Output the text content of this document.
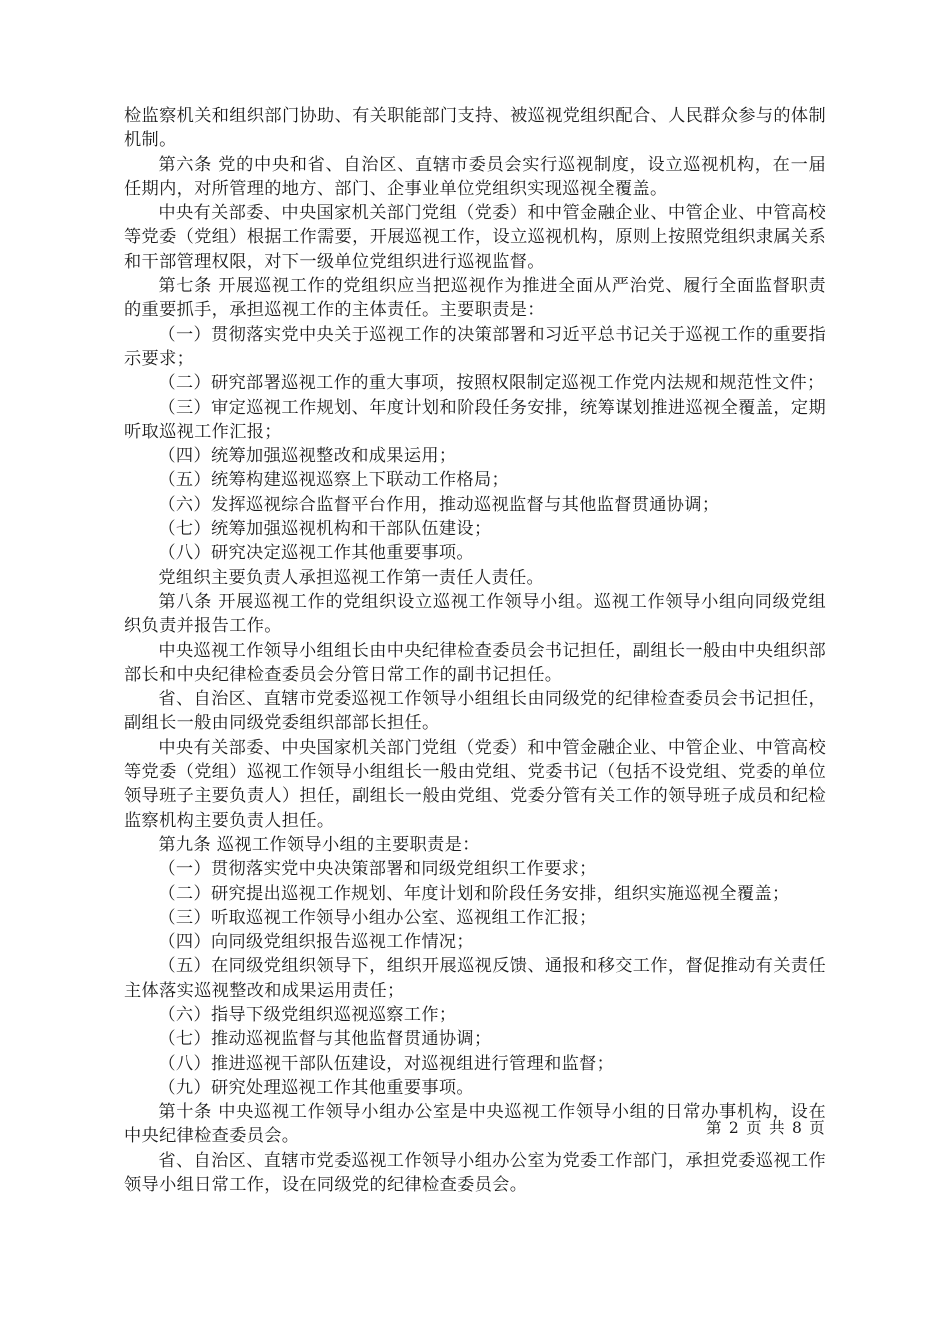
检监察机关和组织部门协助、有关职能部门支持、被巡视党组织配合、人民群众参与的体制机制。

第六条 党的中央和省、自治区、直辖市委员会实行巡视制度，设立巡视机构，在一届任期内，对所管理的地方、部门、企事业单位党组织实现巡视全覆盖。

中央有关部委、中央国家机关部门党组（党委）和中管金融企业、中管企业、中管高校等党委（党组）根据工作需要，开展巡视工作，设立巡视机构，原则上按照党组织隶属关系和干部管理权限，对下一级单位党组织进行巡视监督。

第七条 开展巡视工作的党组织应当把巡视作为推进全面从严治党、履行全面监督职责的重要抓手，承担巡视工作的主体责任。主要职责是：

（一）贯彻落实党中央关于巡视工作的决策部署和习近平总书记关于巡视工作的重要指示要求；

（二）研究部署巡视工作的重大事项，按照权限制定巡视工作党内法规和规范性文件；

（三）审定巡视工作规划、年度计划和阶段任务安排，统筹谋划推进巡视全覆盖，定期听取巡视工作汇报；

（四）统筹加强巡视整改和成果运用；

（五）统筹构建巡视巡察上下联动工作格局；

（六）发挥巡视综合监督平台作用，推动巡视监督与其他监督贯通协调；

（七）统筹加强巡视机构和干部队伍建设；

（八）研究决定巡视工作其他重要事项。

党组织主要负责人承担巡视工作第一责任人责任。

第八条 开展巡视工作的党组织设立巡视工作领导小组。巡视工作领导小组向同级党组织负责并报告工作。

中央巡视工作领导小组组长由中央纪律检查委员会书记担任，副组长一般由中央组织部部长和中央纪律检查委员会分管日常工作的副书记担任。

省、自治区、直辖市党委巡视工作领导小组组长由同级党的纪律检查委员会书记担任，副组长一般由同级党委组织部部长担任。

中央有关部委、中央国家机关部门党组（党委）和中管金融企业、中管企业、中管高校等党委（党组）巡视工作领导小组组长一般由党组、党委书记（包括不设党组、党委的单位领导班子主要负责人）担任，副组长一般由党组、党委分管有关工作的领导班子成员和纪检监察机构主要负责人担任。

第九条 巡视工作领导小组的主要职责是：

（一）贯彻落实党中央决策部署和同级党组织工作要求；

（二）研究提出巡视工作规划、年度计划和阶段任务安排，组织实施巡视全覆盖；

（三）听取巡视工作领导小组办公室、巡视组工作汇报；

（四）向同级党组织报告巡视工作情况；

（五）在同级党组织领导下，组织开展巡视反馈、通报和移交工作，督促推动有关责任主体落实巡视整改和成果运用责任；

（六）指导下级党组织巡视巡察工作；

（七）推动巡视监督与其他监督贯通协调；

（八）推进巡视干部队伍建设，对巡视组进行管理和监督；

（九）研究处理巡视工作其他重要事项。

第十条 中央巡视工作领导小组办公室是中央巡视工作领导小组的日常办事机构，设在中央纪律检查委员会。

省、自治区、直辖市党委巡视工作领导小组办公室为党委工作部门，承担党委巡视工作领导小组日常工作，设在同级党的纪律检查委员会。

第 2 页 共 8 页
